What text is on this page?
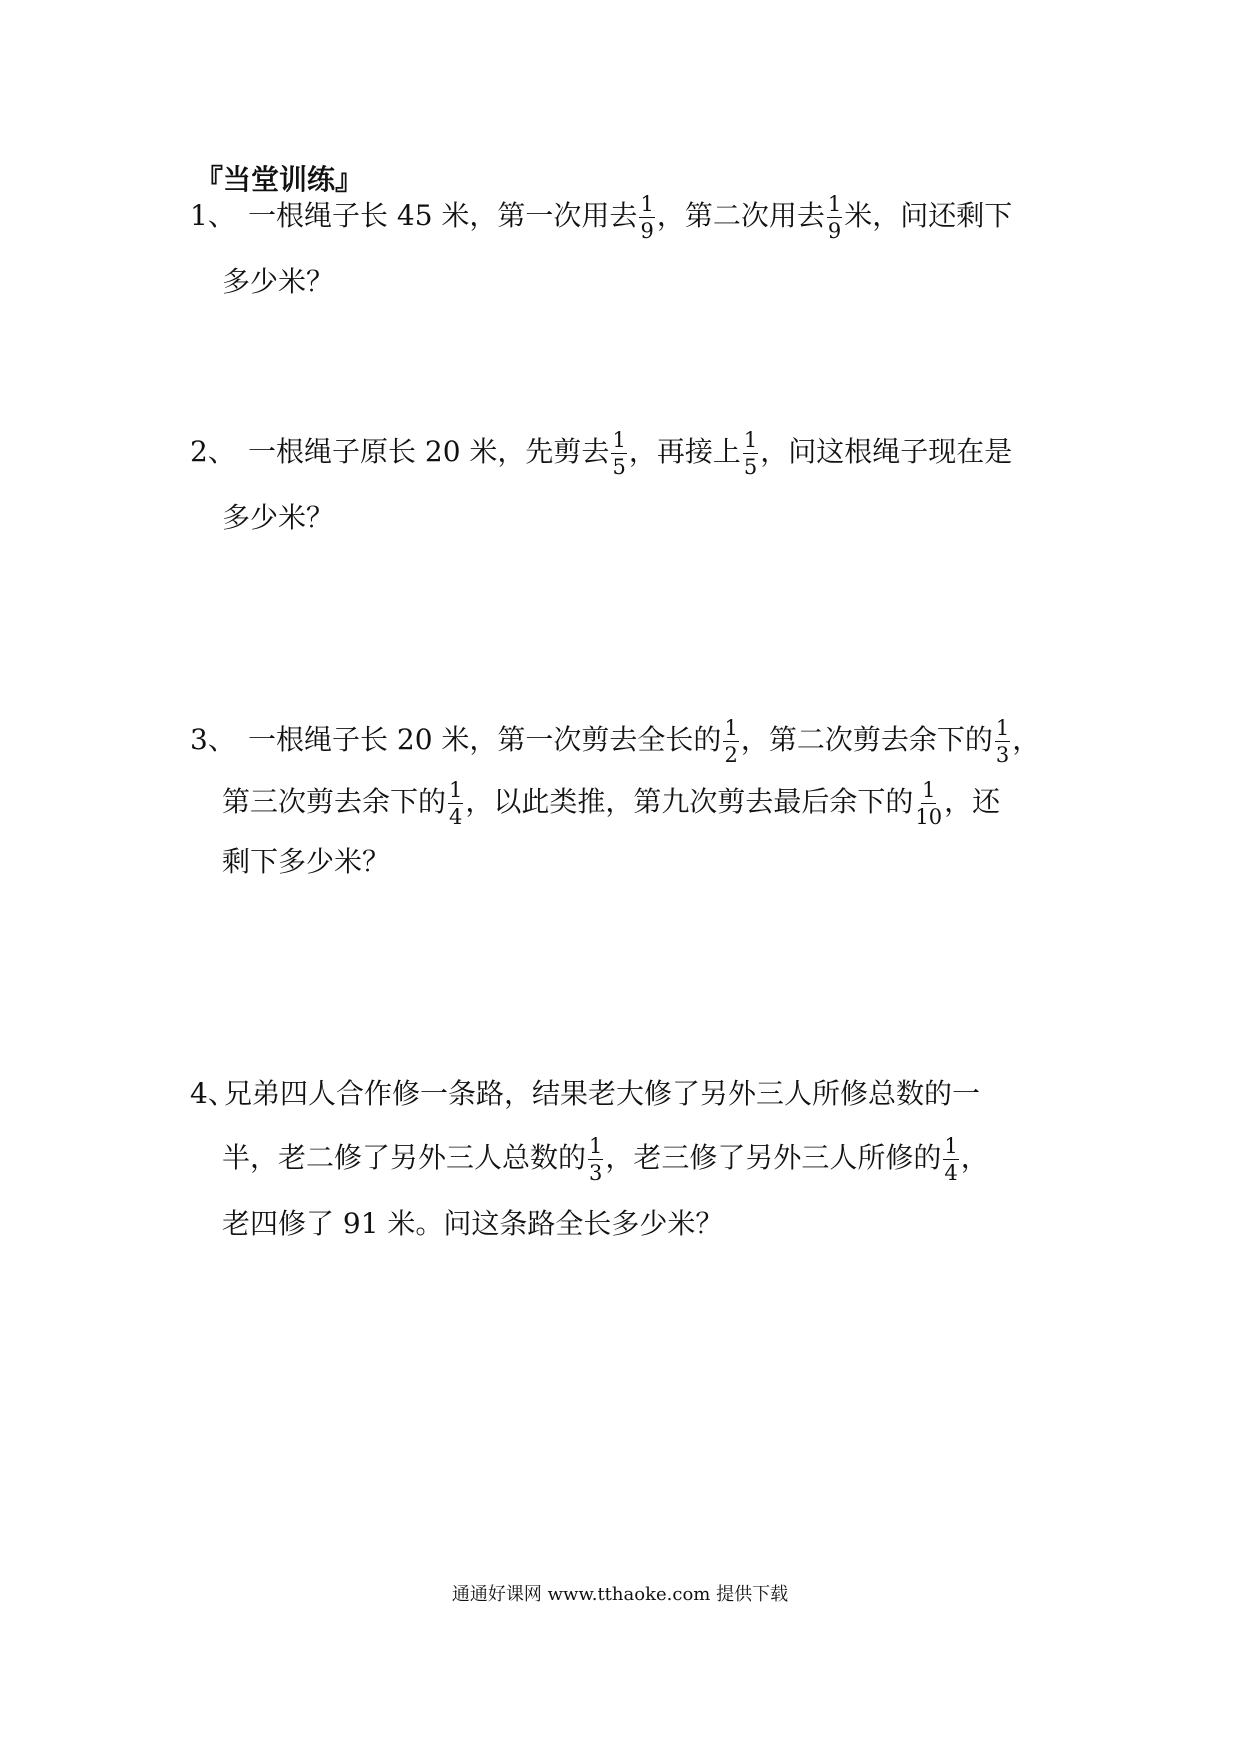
『当堂训练』
1、 一根绳子长 45 米，第一次用去 $\frac{1}{9}$ ，第二次用去 $\frac{1}{9}$ 米，问还剩下
多少米？
2、 一根绳子原长 20 米，先剪去 $\frac{1}{5}$ ，再接上 $\frac{1}{5}$ ，问这根绳子现在是
多少米？
3、 一根绳子长 20 米，第一次剪去全长的 $\frac{1}{2}$ ，第二次剪去余下的 $\frac{1}{3}$ ，
第三次剪去余下的 $\frac{1}{4}$ ，以此类推，第九次剪去最后余下的 $\frac{1}{10}$ ，还
剩下多少米？
4、兄弟四人合作修一条路，结果老大修了另外三人所修总数的一
半，老二修了另外三人总数的 $\frac{1}{3}$ ，老三修了另外三人所修的 $\frac{1}{4}$ ，
老四修了 91 米。问这条路全长多少米？
通通好课网 www.tthaoke.com 提供下载
